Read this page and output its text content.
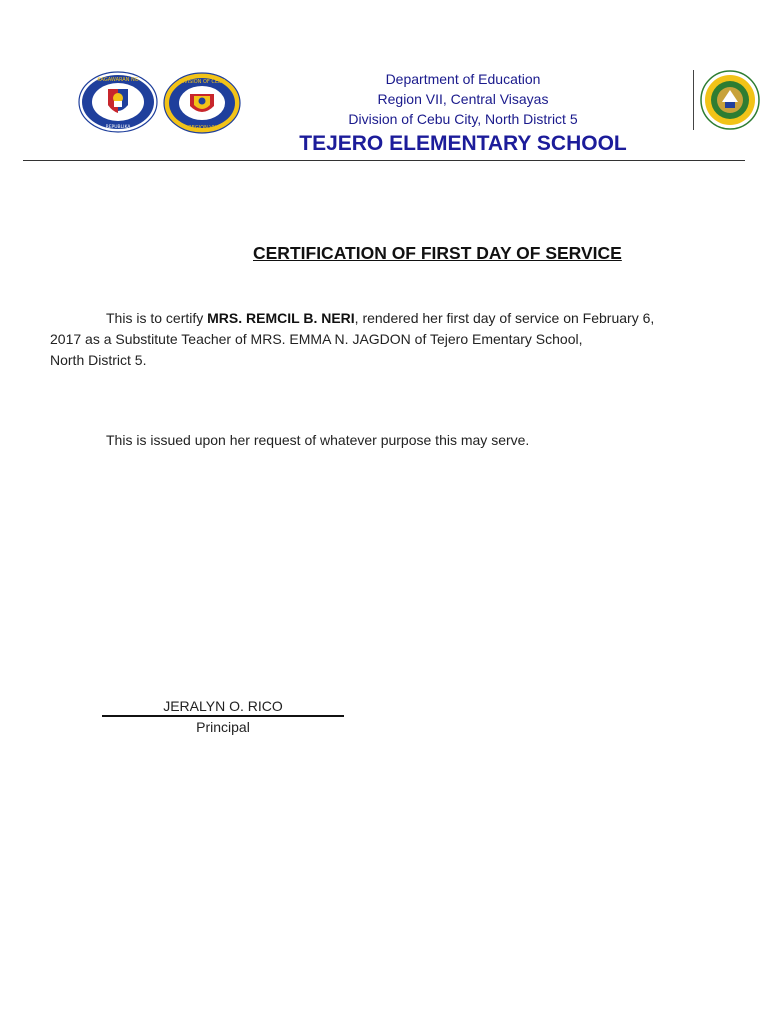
KAGAWARAN NG
REPUBLIKA
DIVISION OF CEBU
REGION VII
Department of Education
Region VII, Central Visayas
Division of Cebu City, North District 5
TEJERO ELEMENTARY SCHOOL
CERTIFICATION OF FIRST DAY OF SERVICE
This is to certify MRS. REMCIL B. NERI, rendered her first day of service on February 6,
2017 as a Substitute Teacher of MRS. EMMA N. JAGDON of Tejero Ementary School,
North District 5.
This is issued upon her request of whatever purpose this may serve.
JERALYN O. RICO
Principal
